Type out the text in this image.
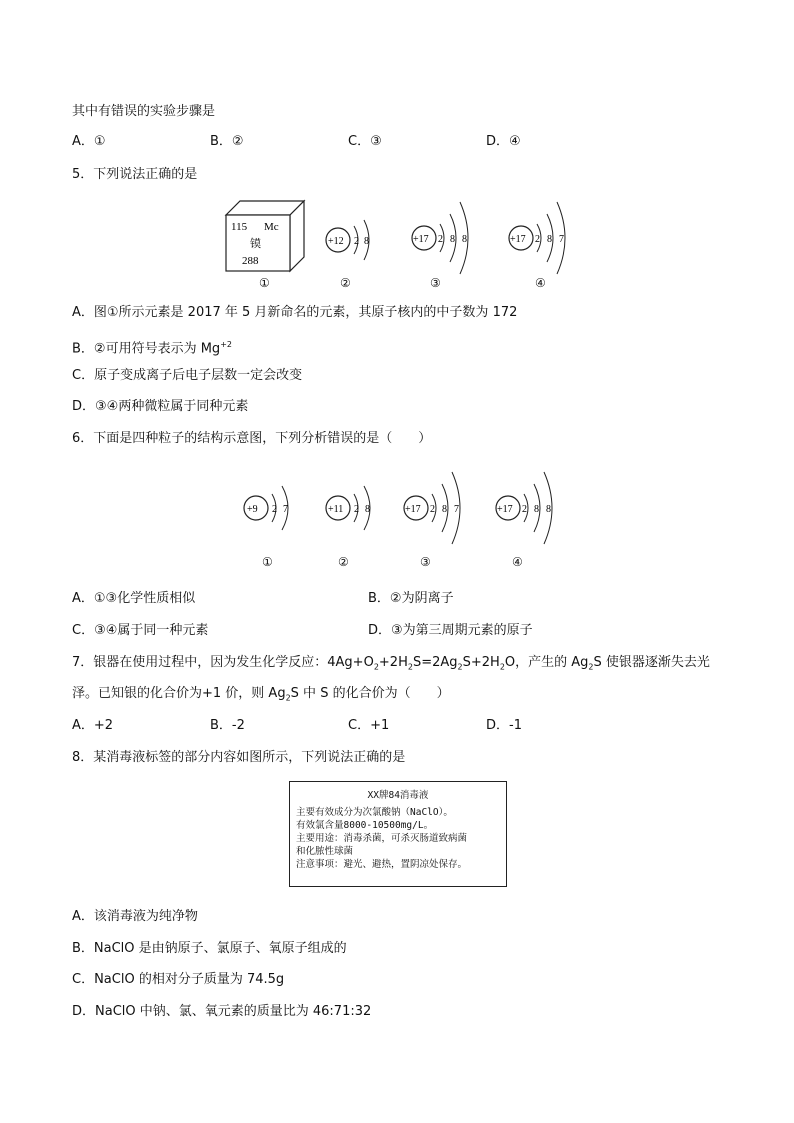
其中有错误的实验步骤是
A．①	B．②	C．③	D．④
5．下列说法正确的是
115 Mc
镆
288
+12 2 8	+17 2 8 8	+17 2 8 7
①	②	③	④
A．图①所示元素是 2017 年 5 月新命名的元素，其原子核内的中子数为 172
B．②可用符号表示为 $Mg^{+2}$
C．原子变成离子后电子层数一定会改变
D．③④两种微粒属于同种元素
6．下面是四种粒子的结构示意图，下列分析错误的是（　　）
+9 2 7	+11 2 8	+17 2 8 7	+17 2 8 8
①	②	③	④
A．①③化学性质相似	B．②为阴离子
C．③④属于同一种元素	D．③为第三周期元素的原子
7．银器在使用过程中，因为发生化学反应：$4Ag+O_2+2H_2S=2Ag_2S+2H_2O$，产生的 $Ag_2S$ 使银器逐渐失去光
泽。已知银的化合价为+1 价，则 $Ag_2S$ 中 S 的化合价为（　　）
A．+2	B．-2	C．+1	D．-1
8．某消毒液标签的部分内容如图所示，下列说法正确的是
XX牌84消毒液
主要有效成分为次氯酸钠（NaClO）。
有效氯含量8000-10500mg/L。
主要用途：消毒杀菌，可杀灭肠道致病菌
和化脓性球菌
注意事项：避光、避热，置阴凉处保存。
A．该消毒液为纯净物
B．NaClO 是由钠原子、氯原子、氧原子组成的
C．NaClO 的相对分子质量为 74.5g
D．NaClO 中钠、氯、氧元素的质量比为 46:71:32
